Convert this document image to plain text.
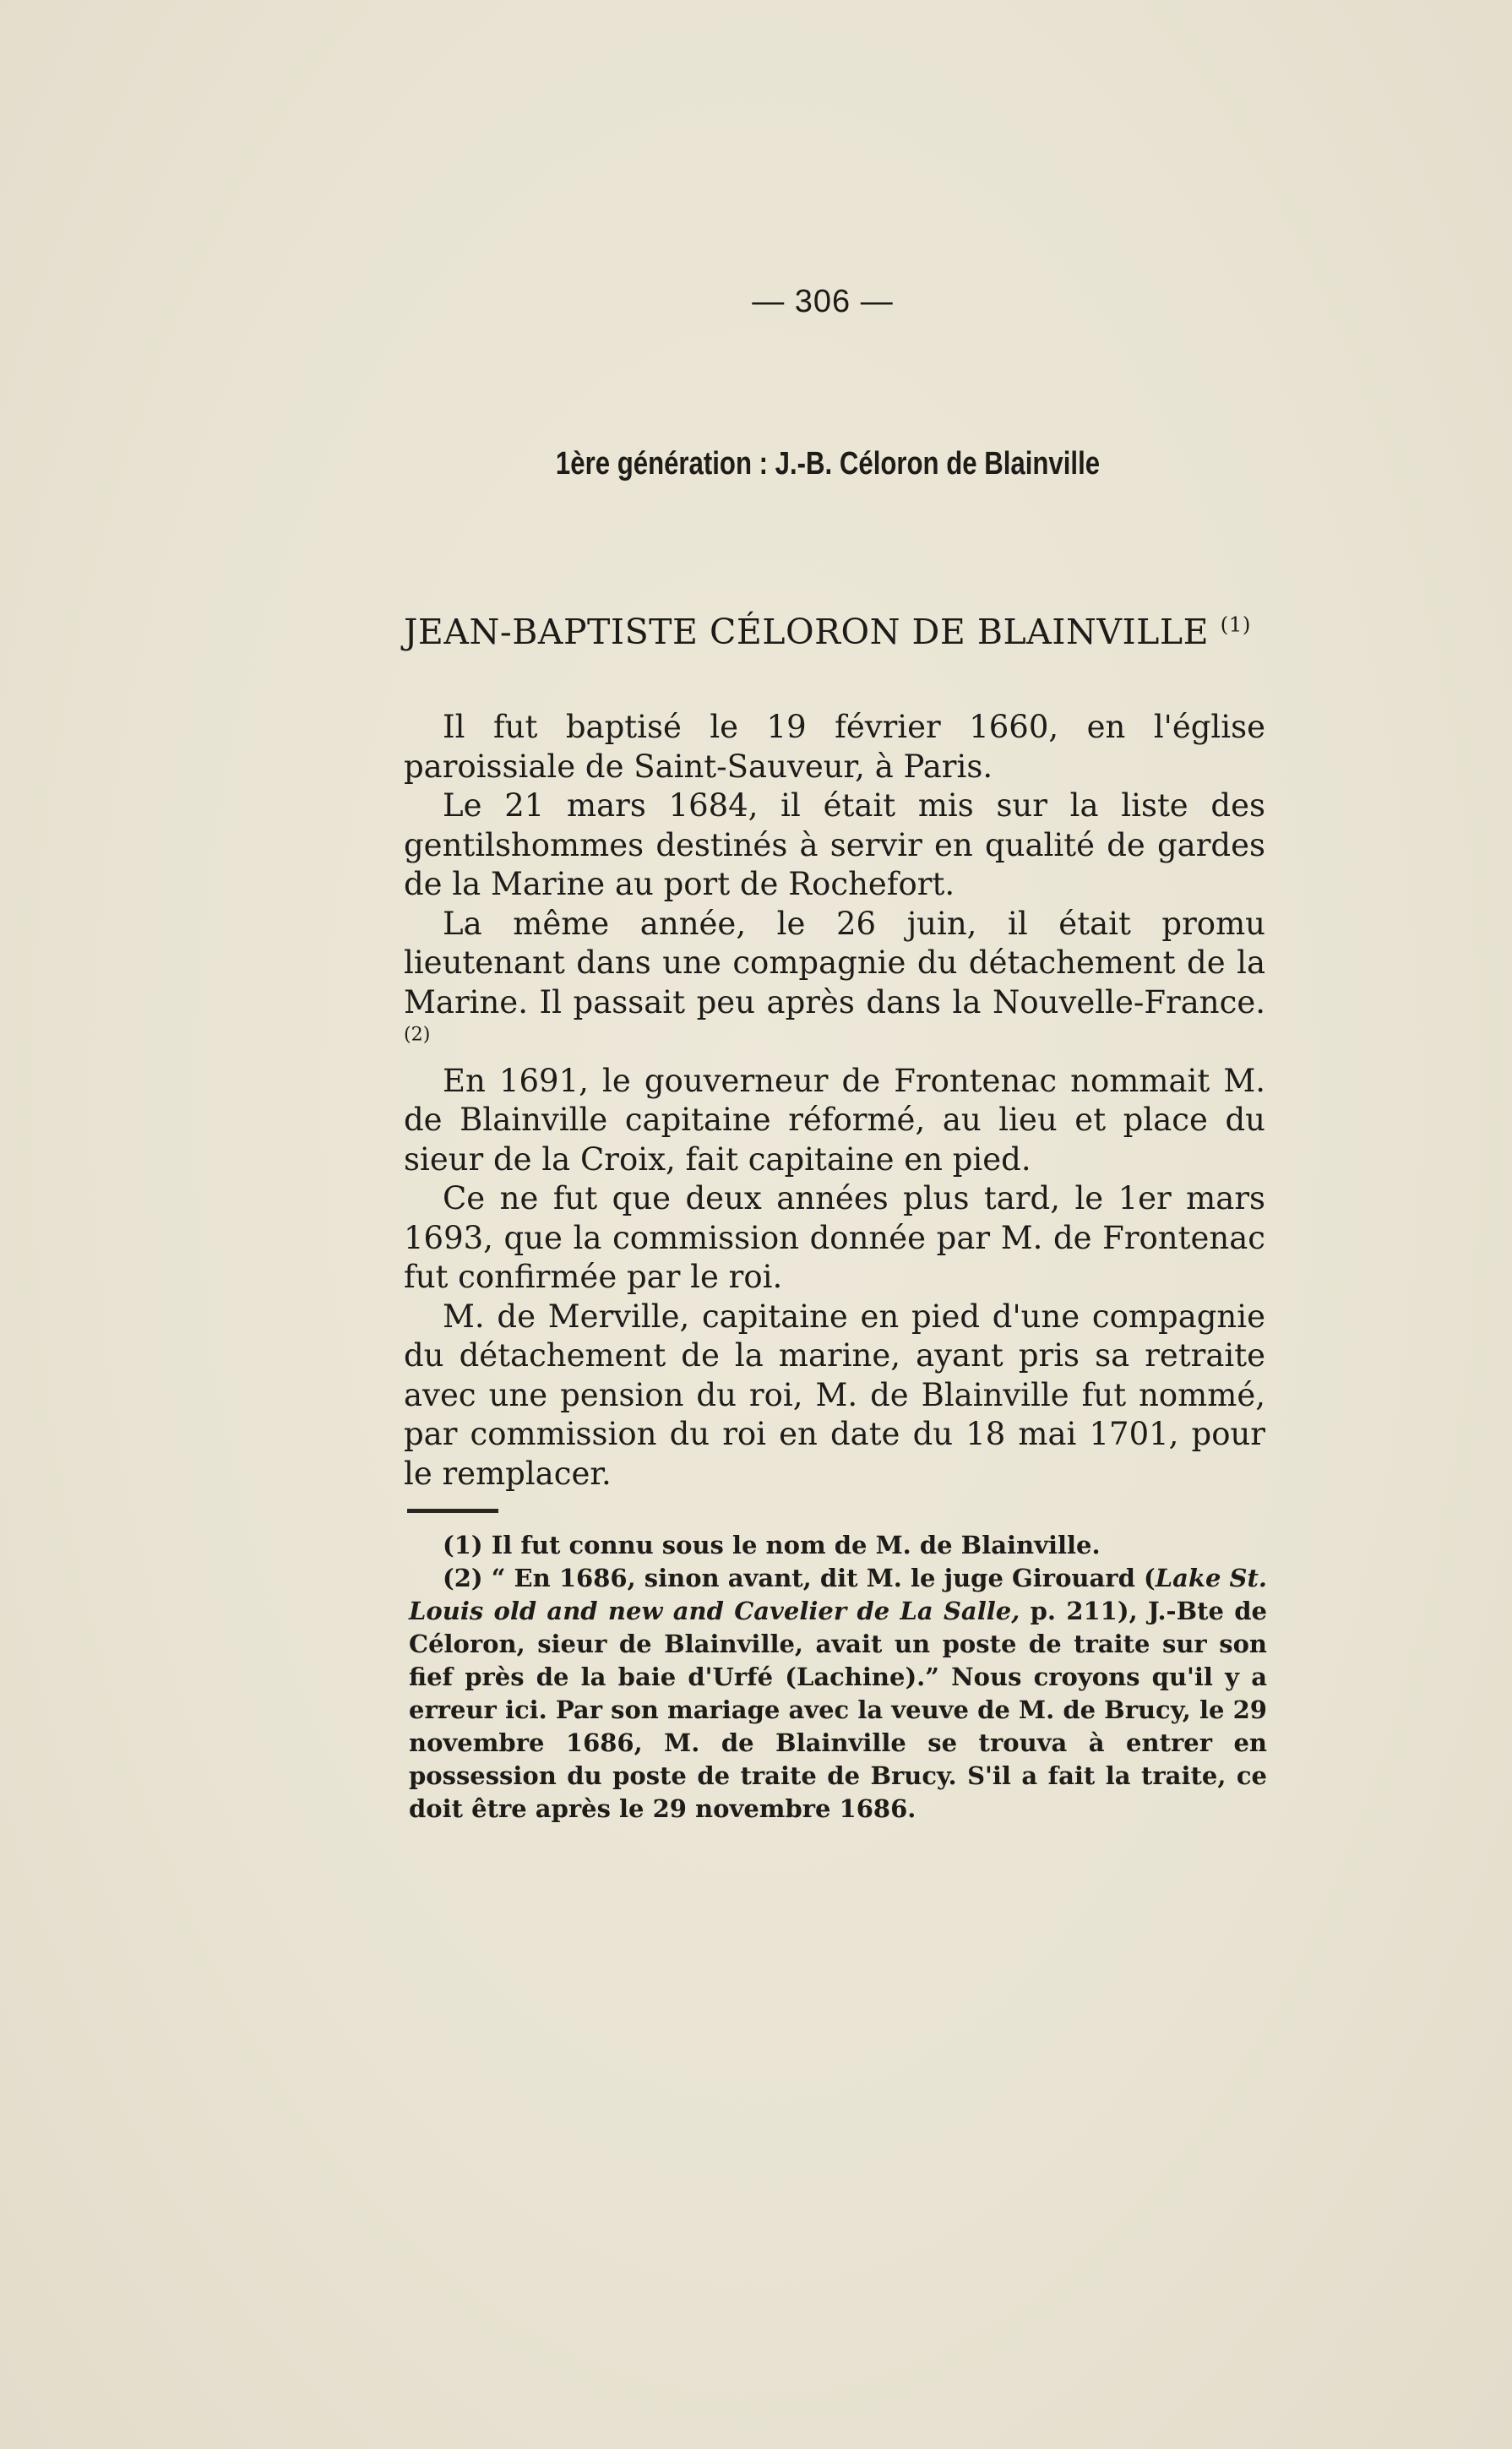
— 306 —
1ère génération : J.-B. Céloron de Blainville
JEAN-BAPTISTE CÉLORON DE BLAINVILLE $^{(1)}$

Il fut baptisé le 19 février 1660, en l'église paroissiale de Saint-Sauveur, à Paris.

Le 21 mars 1684, il était mis sur la liste des gentilshommes destinés à servir en qualité de gardes de la Marine au port de Rochefort.

La même année, le 26 juin, il était promu lieutenant dans une compagnie du détachement de la Marine. Il passait peu après dans la Nouvelle-France. $^{(2)}$

En 1691, le gouverneur de Frontenac nommait M. de Blainville capitaine réformé, au lieu et place du sieur de la Croix, fait capitaine en pied.

Ce ne fut que deux années plus tard, le 1er mars 1693, que la commission donnée par M. de Frontenac fut confirmée par le roi.

M. de Merville, capitaine en pied d'une compagnie du détachement de la marine, ayant pris sa retraite avec une pension du roi, M. de Blainville fut nommé, par commission du roi en date du 18 mai 1701, pour le remplacer.

(1) Il fut connu sous le nom de M. de Blainville.

(2) “ En 1686, sinon avant, dit M. le juge Girouard (Lake St. Louis old and new and Cavelier de La Salle, p. 211), J.-Bte de Céloron, sieur de Blainville, avait un poste de traite sur son fief près de la baie d'Urfé (Lachine).” Nous croyons qu'il y a erreur ici. Par son mariage avec la veuve de M. de Brucy, le 29 novembre 1686, M. de Blainville se trouva à entrer en possession du poste de traite de Brucy. S'il a fait la traite, ce doit être après le 29 novembre 1686.
